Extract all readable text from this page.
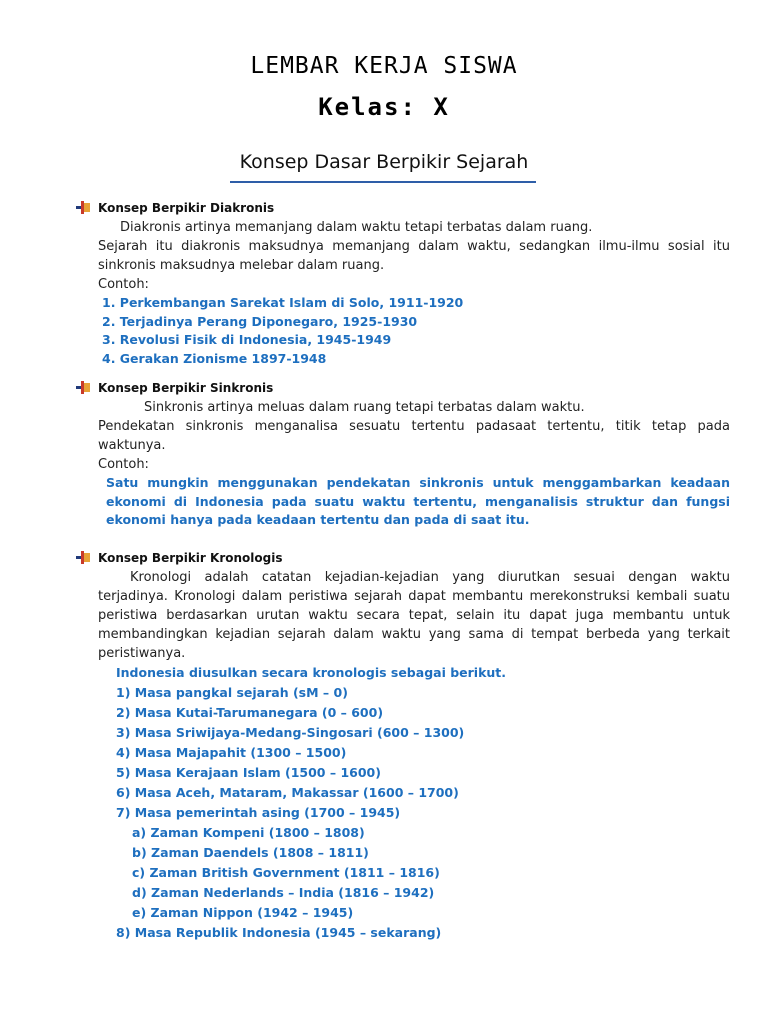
LEMBAR KERJA SISWA
Kelas: X
Konsep Dasar Berpikir Sejarah
Konsep Berpikir Diakronis
Diakronis artinya memanjang dalam waktu tetapi terbatas dalam ruang.
Sejarah itu diakronis maksudnya memanjang dalam waktu, sedangkan ilmu-ilmu sosial itu sinkronis maksudnya melebar dalam ruang.
Contoh:
1. Perkembangan Sarekat Islam di Solo, 1911-1920
2. Terjadinya Perang Diponegaro, 1925-1930
3. Revolusi Fisik di Indonesia, 1945-1949
4. Gerakan Zionisme 1897-1948
Konsep Berpikir Sinkronis
Sinkronis artinya meluas dalam ruang tetapi terbatas dalam waktu.
Pendekatan sinkronis menganalisa sesuatu tertentu padasaat tertentu, titik tetap pada waktunya.
Contoh:
Satu mungkin menggunakan pendekatan sinkronis untuk menggambarkan keadaan ekonomi di Indonesia pada suatu waktu tertentu, menganalisis struktur dan fungsi ekonomi hanya pada keadaan tertentu dan pada di saat itu.
Konsep Berpikir Kronologis
Kronologi adalah catatan kejadian-kejadian yang diurutkan sesuai dengan waktu terjadinya. Kronologi dalam peristiwa sejarah dapat membantu merekonstruksi kembali suatu peristiwa berdasarkan urutan waktu secara tepat, selain itu dapat juga membantu untuk membandingkan kejadian sejarah dalam waktu yang sama di tempat berbeda yang terkait peristiwanya.
Indonesia diusulkan secara kronologis sebagai berikut.
1) Masa pangkal sejarah (sM – 0)
2) Masa Kutai-Tarumanegara (0 – 600)
3) Masa Sriwijaya-Medang-Singosari (600 – 1300)
4) Masa Majapahit (1300 – 1500)
5) Masa Kerajaan Islam (1500 – 1600)
6) Masa Aceh, Mataram, Makassar (1600 – 1700)
7) Masa pemerintah asing (1700 – 1945)
a) Zaman Kompeni (1800 – 1808)
b) Zaman Daendels (1808 – 1811)
c) Zaman British Government (1811 – 1816)
d) Zaman Nederlands – India (1816 – 1942)
e) Zaman Nippon (1942 – 1945)
8) Masa Republik Indonesia (1945 – sekarang)
